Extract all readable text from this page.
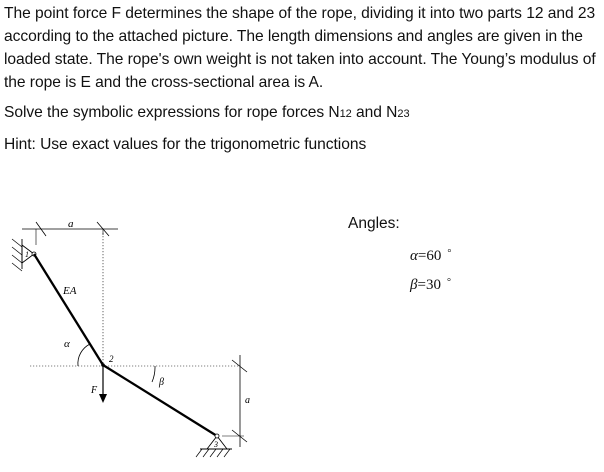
The point force F determines the shape of the rope, dividing it into two parts 12 and 23 according to the attached picture. The length dimensions and angles are given in the loaded state. The rope's own weight is not taken into account. The Young’s modulus of the rope is E and the cross-sectional area is A.

Solve the symbolic expressions for rope forces N12 and N23

Hint: Use exact values for the trigonometric functions

a
1
EA
α
2
F
β
a
3
Angles:
α=60 °
β=30 °
